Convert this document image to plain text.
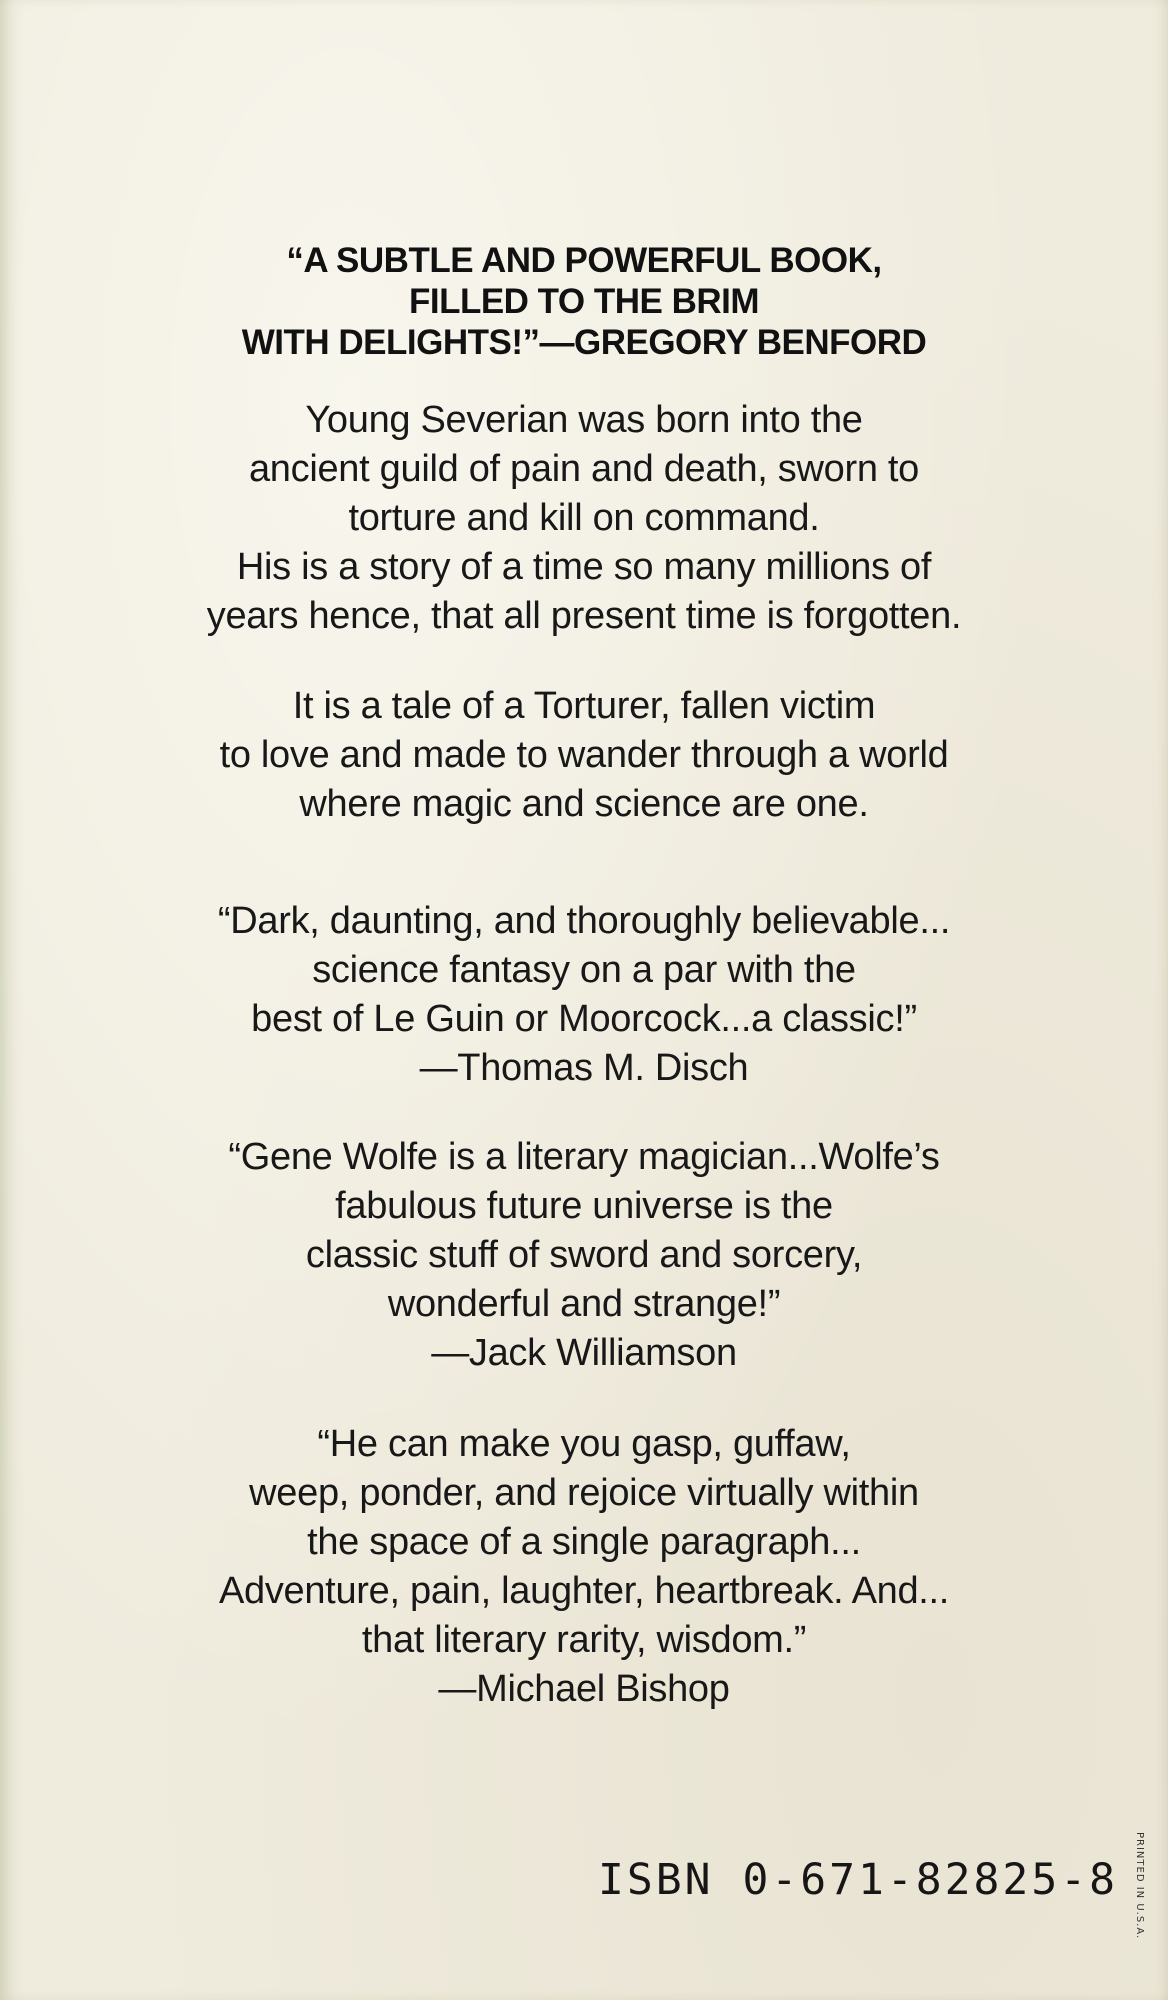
“A SUBTLE AND POWERFUL BOOK,
FILLED TO THE BRIM
WITH DELIGHTS!”—GREGORY BENFORD
Young Severian was born into the
ancient guild of pain and death, sworn to
torture and kill on command.
His is a story of a time so many millions of
years hence, that all present time is forgotten.
It is a tale of a Torturer, fallen victim
to love and made to wander through a world
where magic and science are one.
“Dark, daunting, and thoroughly believable...
science fantasy on a par with the
best of Le Guin or Moorcock...a classic!”
—Thomas M. Disch
“Gene Wolfe is a literary magician...Wolfe’s
fabulous future universe is the
classic stuff of sword and sorcery,
wonderful and strange!”
—Jack Williamson
“He can make you gasp, guffaw,
weep, ponder, and rejoice virtually within
the space of a single paragraph...
Adventure, pain, laughter, heartbreak. And...
that literary rarity, wisdom.”
—Michael Bishop
ISBN 0-671-82825-8 PRINTED IN U.S.A.
